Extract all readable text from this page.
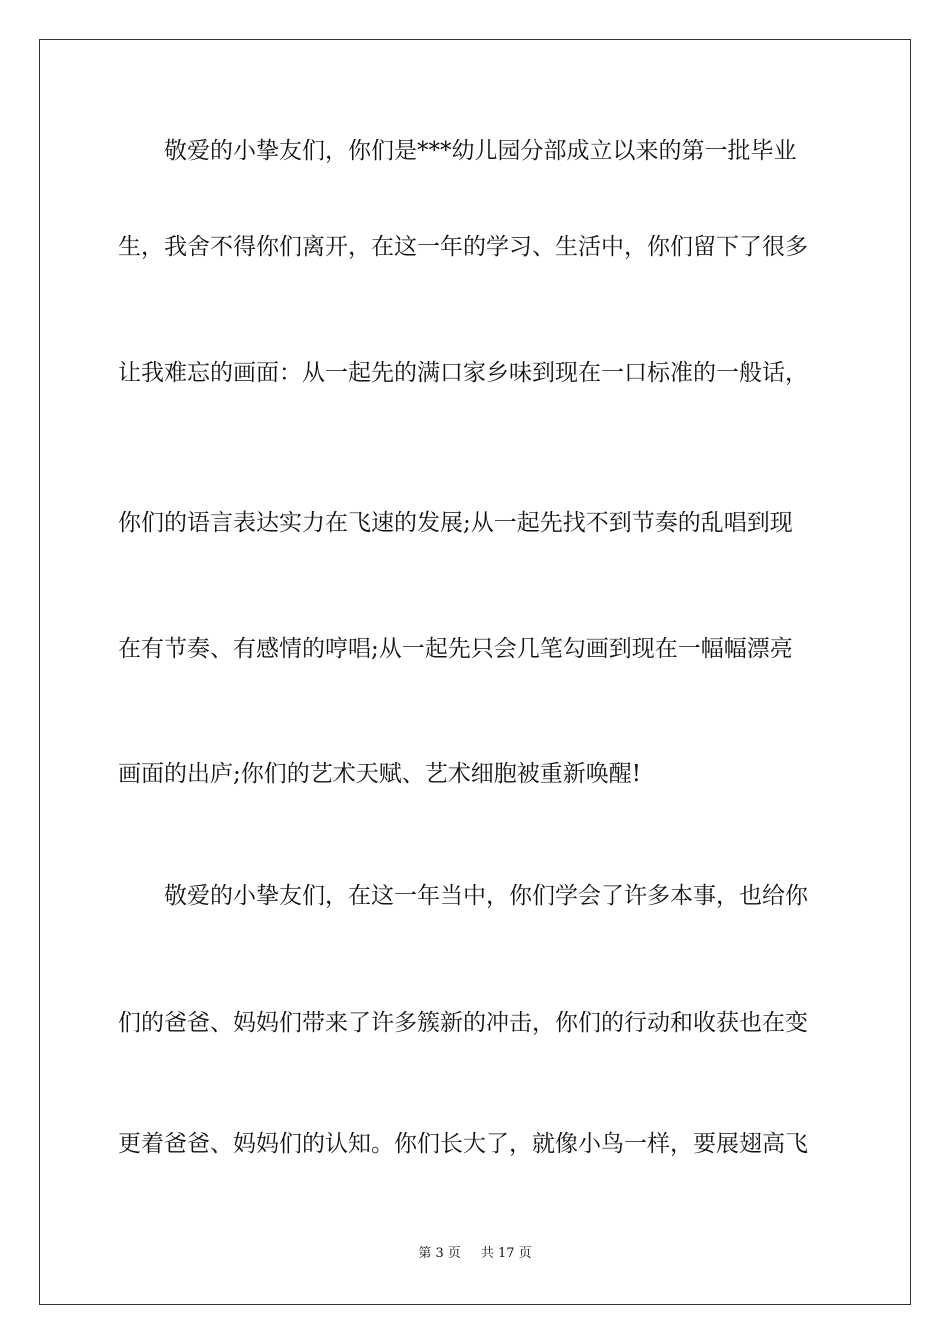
敬爱的小挚友们，你们是***幼儿园分部成立以来的第一批毕业
生，我舍不得你们离开，在这一年的学习、生活中，你们留下了很多
让我难忘的画面：从一起先的满口家乡味到现在一口标准的一般话，
你们的语言表达实力在飞速的发展;从一起先找不到节奏的乱唱到现
在有节奏、有感情的哼唱;从一起先只会几笔勾画到现在一幅幅漂亮
画面的出庐;你们的艺术天赋、艺术细胞被重新唤醒!
敬爱的小挚友们，在这一年当中，你们学会了许多本事，也给你
们的爸爸、妈妈们带来了许多簇新的冲击，你们的行动和收获也在变
更着爸爸、妈妈们的认知。你们长大了，就像小鸟一样，要展翅高飞
第 3 页 共 17 页
